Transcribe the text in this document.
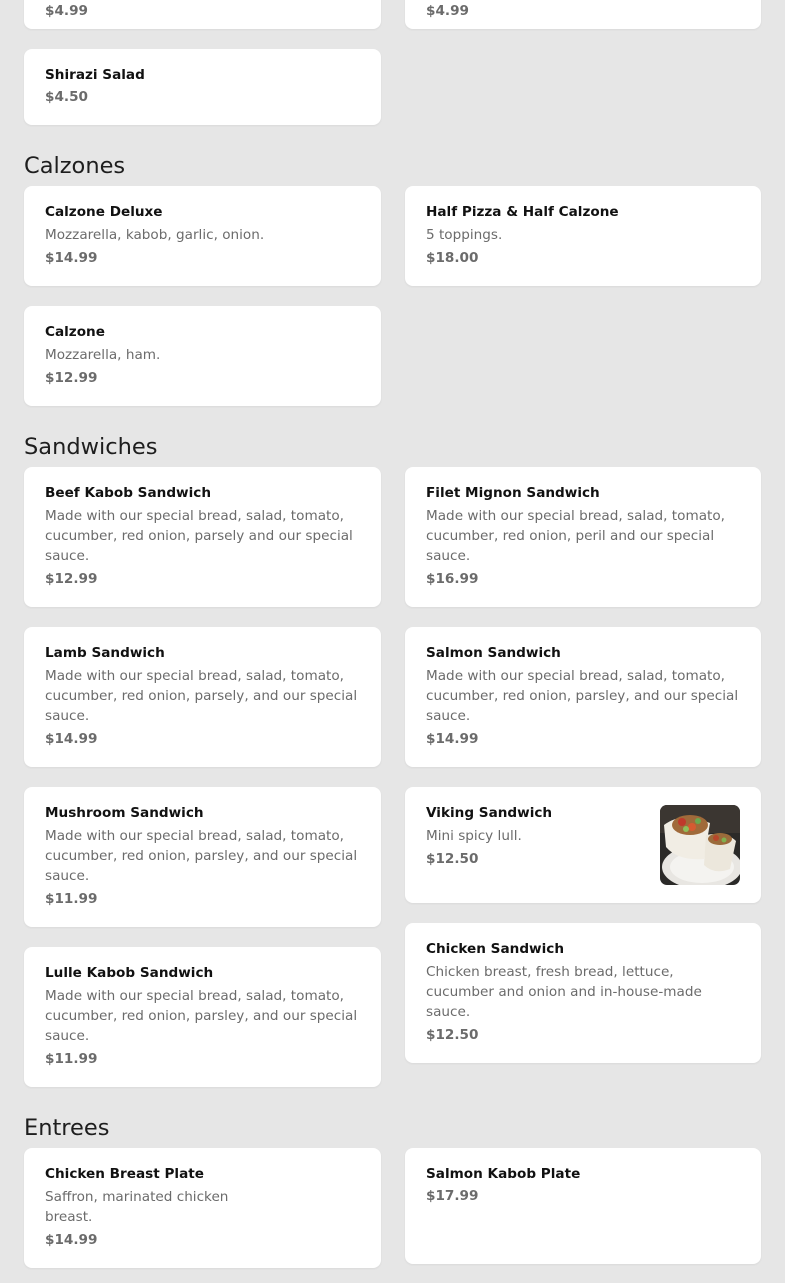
$4.99	$4.99
Shirazi Salad
$4.50
Calzones
Calzone Deluxe
Mozzarella, kabob, garlic, onion.
$14.99
Half Pizza & Half Calzone
5 toppings.
$18.00
Calzone
Mozzarella, ham.
$12.99
Sandwiches
Beef Kabob Sandwich
Made with our special bread, salad, tomato, cucumber, red onion, parsely and our special sauce.
$12.99
Filet Mignon Sandwich
Made with our special bread, salad, tomato, cucumber, red onion, peril and our special sauce.
$16.99
Lamb Sandwich
Made with our special bread, salad, tomato, cucumber, red onion, parsely, and our special sauce.
$14.99
Salmon Sandwich
Made with our special bread, salad, tomato, cucumber, red onion, parsley, and our special sauce.
$14.99
Mushroom Sandwich
Made with our special bread, salad, tomato, cucumber, red onion, parsley, and our special sauce.
$11.99
Viking Sandwich
Mini spicy lull.
$12.50
Lulle Kabob Sandwich
Made with our special bread, salad, tomato, cucumber, red onion, parsley, and our special sauce.
$11.99
Chicken Sandwich
Chicken breast, fresh bread, lettuce, cucumber and onion and in-house-made sauce.
$12.50
Entrees
Chicken Breast Plate
Saffron, marinated chicken breast.
$14.99
Salmon Kabob Plate
$17.99
